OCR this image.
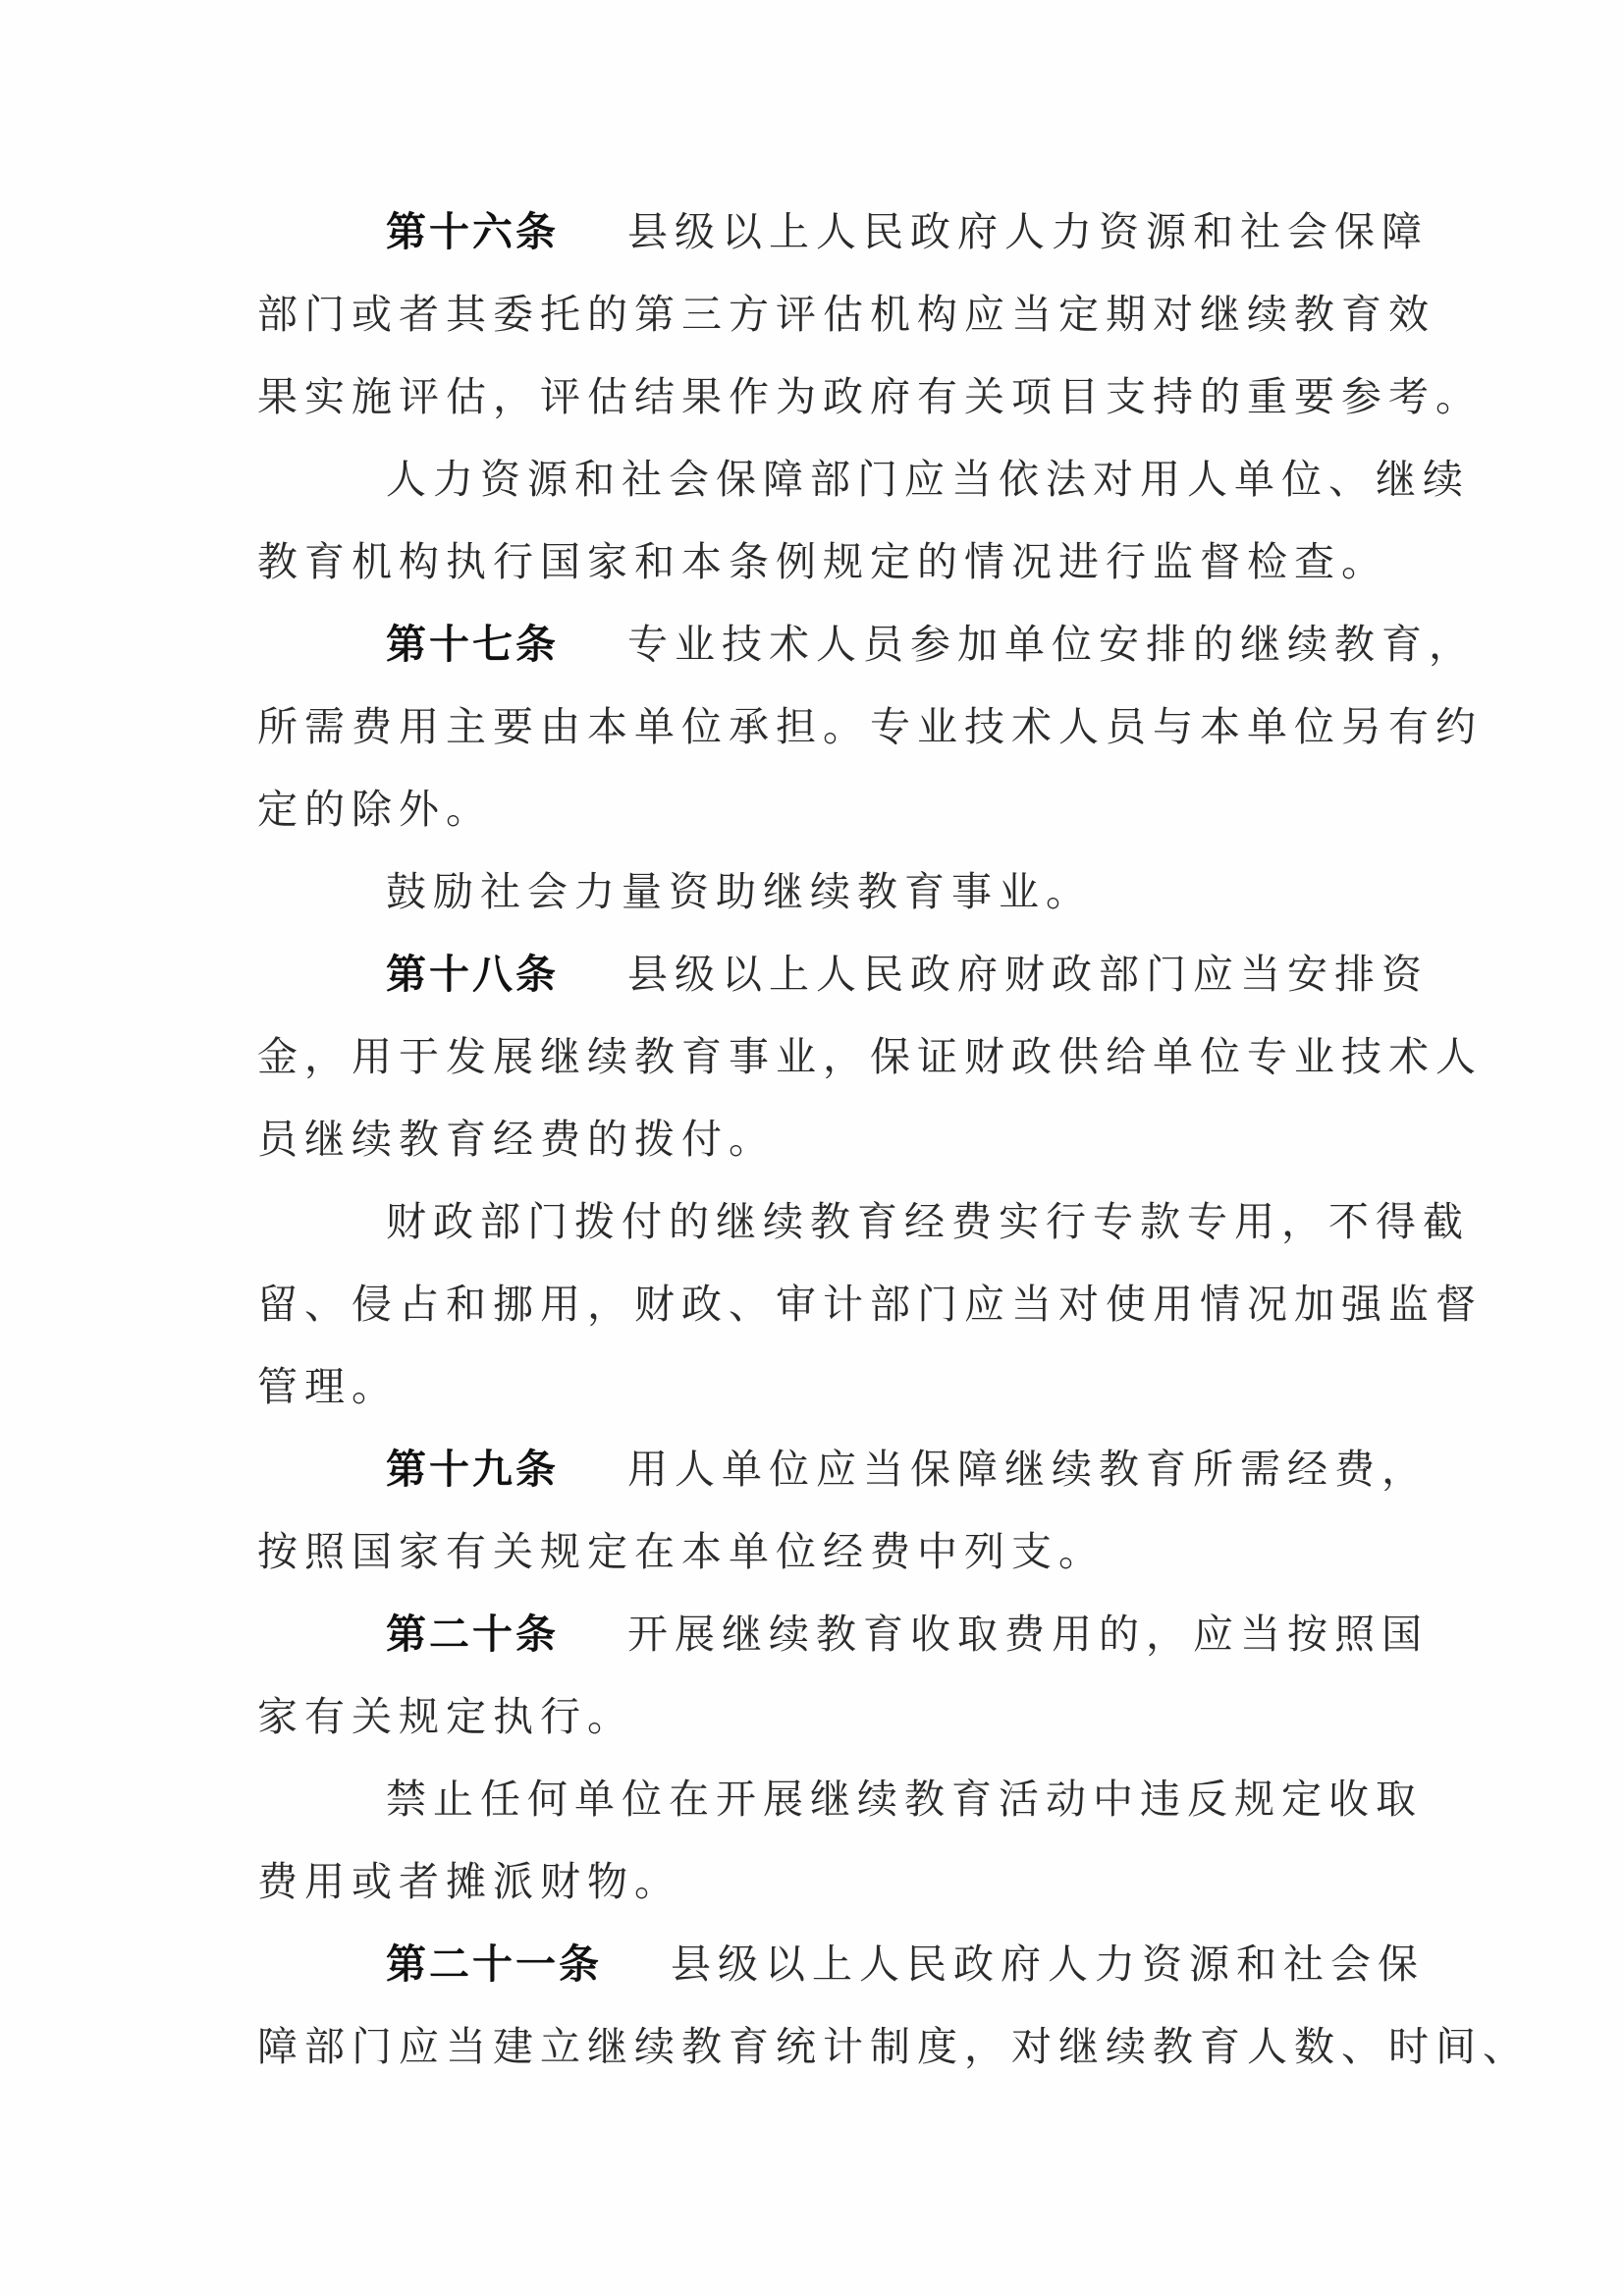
第十六条 县级以上人民政府人力资源和社会保障
部门或者其委托的第三方评估机构应当定期对继续教育效
果实施评估，评估结果作为政府有关项目支持的重要参考。
人力资源和社会保障部门应当依法对用人单位、继续
教育机构执行国家和本条例规定的情况进行监督检查。
第十七条 专业技术人员参加单位安排的继续教育，
所需费用主要由本单位承担。专业技术人员与本单位另有约
定的除外。
鼓励社会力量资助继续教育事业。
第十八条 县级以上人民政府财政部门应当安排资
金，用于发展继续教育事业，保证财政供给单位专业技术人
员继续教育经费的拨付。
财政部门拨付的继续教育经费实行专款专用，不得截
留、侵占和挪用，财政、审计部门应当对使用情况加强监督
管理。
第十九条 用人单位应当保障继续教育所需经费，
按照国家有关规定在本单位经费中列支。
第二十条 开展继续教育收取费用的，应当按照国
家有关规定执行。
禁止任何单位在开展继续教育活动中违反规定收取
费用或者摊派财物。
第二十一条 县级以上人民政府人力资源和社会保
障部门应当建立继续教育统计制度，对继续教育人数、时间、
